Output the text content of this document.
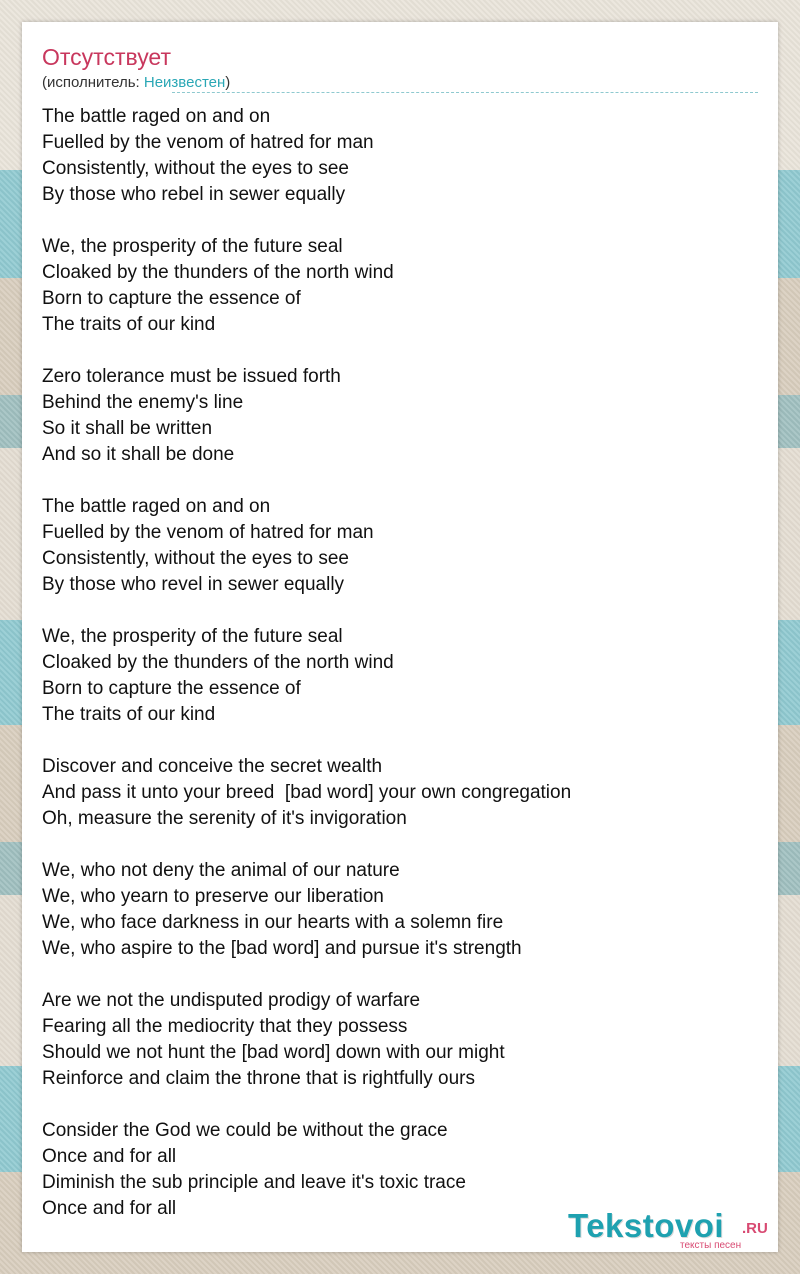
Отсутствует
(исполнитель: Неизвестен)
The battle raged on and on
Fuelled by the venom of hatred for man
Consistently, without the eyes to see
By those who rebel in sewer equally
We, the prosperity of the future seal
Cloaked by the thunders of the north wind
Born to capture the essence of
The traits of our kind
Zero tolerance must be issued forth
Behind the enemy's line
So it shall be written
And so it shall be done
The battle raged on and on
Fuelled by the venom of hatred for man
Consistently, without the eyes to see
By those who revel in sewer equally
We, the prosperity of the future seal
Cloaked by the thunders of the north wind
Born to capture the essence of
The traits of our kind
Discover and conceive the secret wealth
And pass it unto your breed  [bad word] your own congregation
Oh, measure the serenity of it's invigoration
We, who not deny the animal of our nature
We, who yearn to preserve our liberation
We, who face darkness in our hearts with a solemn fire
We, who aspire to the [bad word] and pursue it's strength
Are we not the undisputed prodigy of warfare
Fearing all the mediocrity that they possess
Should we not hunt the [bad word] down with our might
Reinforce and claim the throne that is rightfully ours
Consider the God we could be without the grace
Once and for all
Diminish the sub principle and leave it's toxic trace
Once and for all	Tekstovoi .RU
тексты песен
